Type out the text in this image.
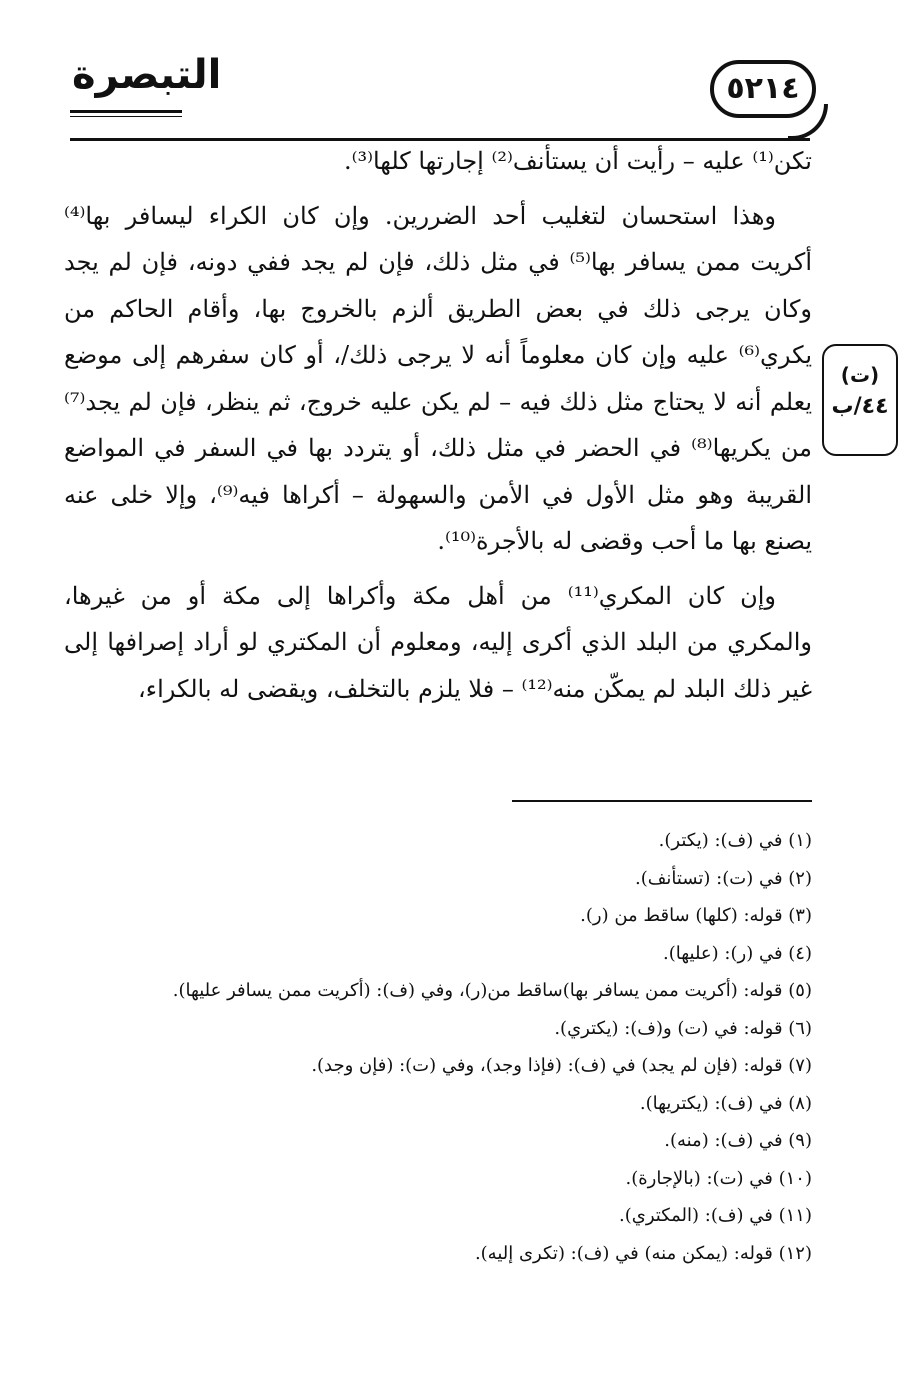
التبصرة	٥٢١٤
(ت)
٤٤/ب

تكن⁽¹⁾ عليه – رأيت أن يستأنف⁽²⁾ إجارتها كلها⁽³⁾.

وهذا استحسان لتغليب أحد الضررين. وإن كان الكراء ليسافر بها⁽⁴⁾ أكريت ممن يسافر بها⁽⁵⁾ في مثل ذلك، فإن لم يجد ففي دونه، فإن لم يجد وكان يرجى ذلك في بعض الطريق ألزم بالخروج بها، وأقام الحاكم من يكري⁽⁶⁾ عليه وإن كان معلوماً أنه لا يرجى ذلك/، أو كان سفرهم إلى موضع يعلم أنه لا يحتاج مثل ذلك فيه – لم يكن عليه خروج، ثم ينظر، فإن لم يجد⁽⁷⁾ من يكريها⁽⁸⁾ في الحضر في مثل ذلك، أو يتردد بها في السفر في المواضع القريبة وهو مثل الأول في الأمن والسهولة – أكراها فيه⁽⁹⁾، وإلا خلى عنه يصنع بها ما أحب وقضى له بالأجرة⁽¹⁰⁾.

وإن كان المكري⁽¹¹⁾ من أهل مكة وأكراها إلى مكة أو من غيرها، والمكري من البلد الذي أكرى إليه، ومعلوم أن المكتري لو أراد إصرافها إلى غير ذلك البلد لم يمكّن منه⁽¹²⁾ – فلا يلزم بالتخلف، ويقضى له بالكراء،

(١) في (ف): (يكتر).
(٢) في (ت): (تستأنف).
(٣) قوله: (كلها) ساقط من (ر).
(٤) في (ر): (عليها).
(٥) قوله: (أكريت ممن يسافر بها)ساقط من(ر)، وفي (ف): (أكريت ممن يسافر عليها).
(٦) قوله: في (ت) و(ف): (يكتري).
(٧) قوله: (فإن لم يجد) في (ف): (فإذا وجد)، وفي (ت): (فإن وجد).
(٨) في (ف): (يكتريها).
(٩) في (ف): (منه).
(١٠) في (ت): (بالإجارة).
(١١) في (ف): (المكتري).
(١٢) قوله: (يمكن منه) في (ف): (تكرى إليه).
